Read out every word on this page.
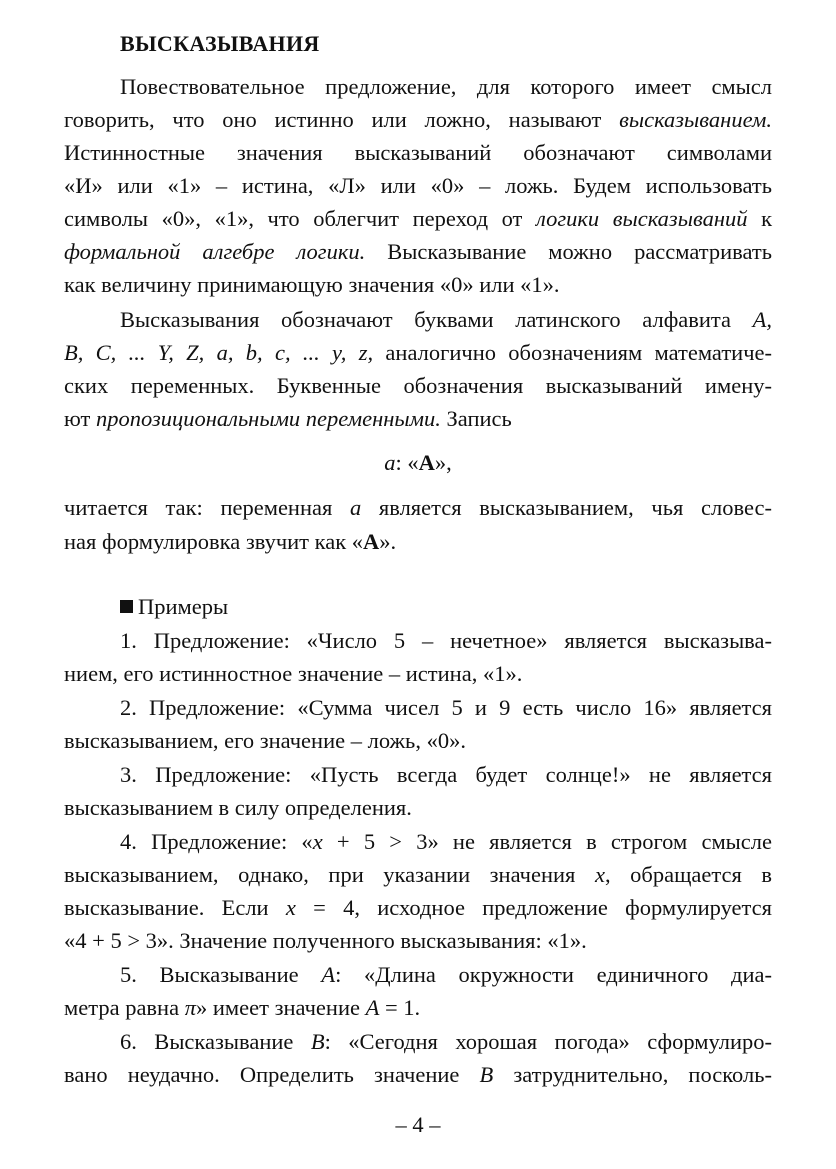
ВЫСКАЗЫВАНИЯ
Повествовательное предложение, для которого имеет смысл
говорить, что оно истинно или ложно, называют высказыванием.
Истинностные значения высказываний обозначают символами
«И» или «1» – истина, «Л» или «0» – ложь. Будем использовать
символы «0», «1», что облегчит переход от логики высказываний к
формальной алгебре логики. Высказывание можно рассматривать
как величину принимающую значения «0» или «1».
Высказывания обозначают буквами латинского алфавита A,
B, C, ... Y, Z, a, b, c, ... y, z, аналогично обозначениям математиче-
ских переменных. Буквенные обозначения высказываний имену-
ют пропозициональными переменными. Запись
a: «A»,
читается так: переменная a является высказыванием, чья словес-
ная формулировка звучит как «A».
Примеры
1. Предложение: «Число 5 – нечетное» является высказыва-
нием, его истинностное значение – истина, «1».
2. Предложение: «Сумма чисел 5 и 9 есть число 16» является
высказыванием, его значение – ложь, «0».
3. Предложение: «Пусть всегда будет солнце!» не является
высказыванием в силу определения.
4. Предложение: «x + 5 > 3» не является в строгом смысле
высказыванием, однако, при указании значения x, обращается в
высказывание. Если x = 4, исходное предложение формулируется
«4 + 5 > 3». Значение полученного высказывания: «1».
5. Высказывание A: «Длина окружности единичного диа-
метра равна π» имеет значение A = 1.
6. Высказывание B: «Сегодня хорошая погода» сформулиро-
вано неудачно. Определить значение B затруднительно, посколь-
– 4 –
